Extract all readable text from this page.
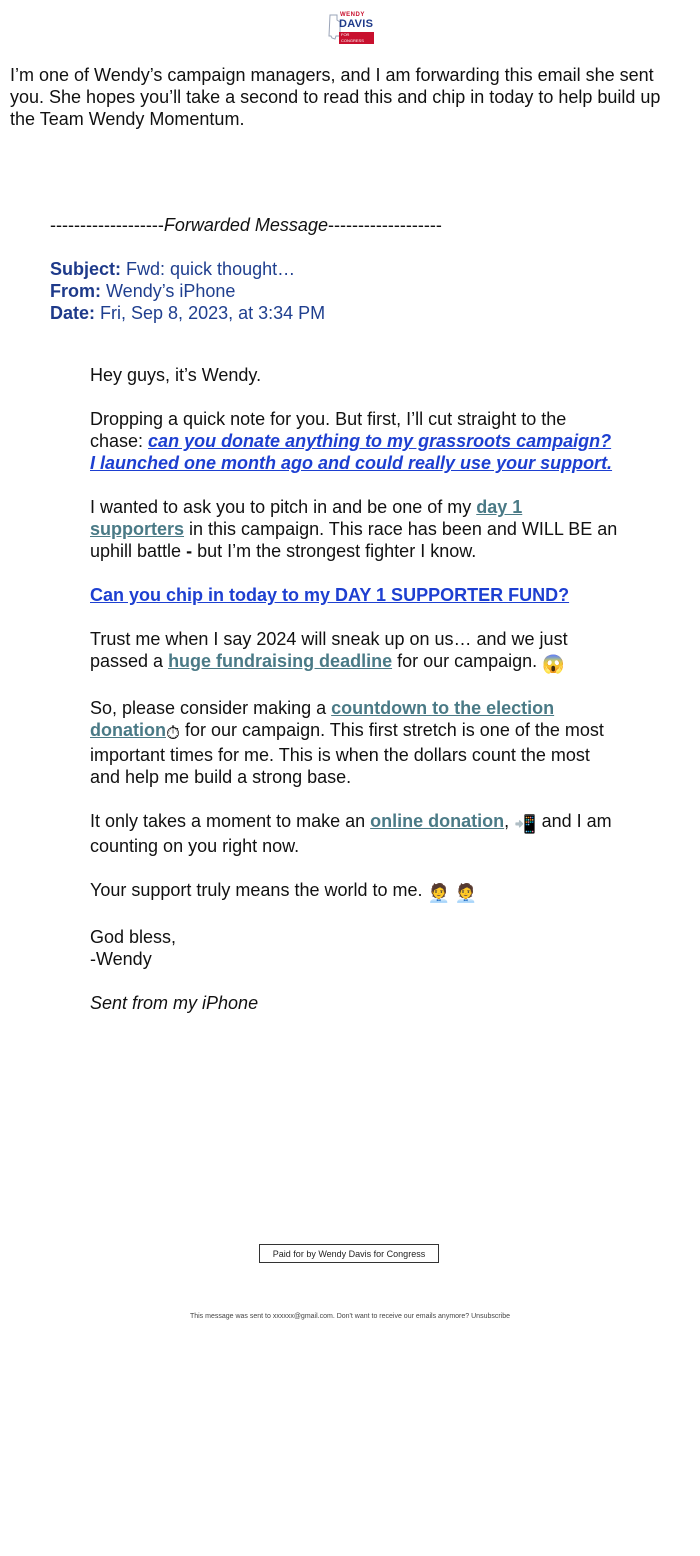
WENDY
DAVIS
FOR CONGRESS

I’m one of Wendy’s campaign managers, and I am forwarding this email she sent you. She hopes you’ll take a second to read this and chip in today to help build up the Team Wendy Momentum.

-------------------Forwarded Message-------------------

Subject: Fwd: quick thought…
From: Wendy’s iPhone
Date: Fri, Sep 8, 2023, at 3:34 PM

Hey guys, it’s Wendy.

Dropping a quick note for you. But first, I’ll cut straight to the chase: can you donate anything to my grassroots campaign? I launched one month ago and could really use your support.

I wanted to ask you to pitch in and be one of my day 1 supporters in this campaign. This race has been and WILL BE an uphill battle - but I’m the strongest fighter I know.

Can you chip in today to my DAY 1 SUPPORTER FUND?

Trust me when I say 2024 will sneak up on us… and we just passed a huge fundraising deadline for our campaign. 😱

So, please consider making a countdown to the election donation⏱ for our campaign. This first stretch is one of the most important times for me. This is when the dollars count the most and help me build a strong base.

It only takes a moment to make an online donation, 📲 and I am counting on you right now.

Your support truly means the world to me. 🧑‍💼 🧑‍💼

God bless,
-Wendy

Sent from my iPhone

Paid for by Wendy Davis for Congress
This message was sent to xxxxxx@gmail.com. Don't want to receive our emails anymore? Unsubscribe
